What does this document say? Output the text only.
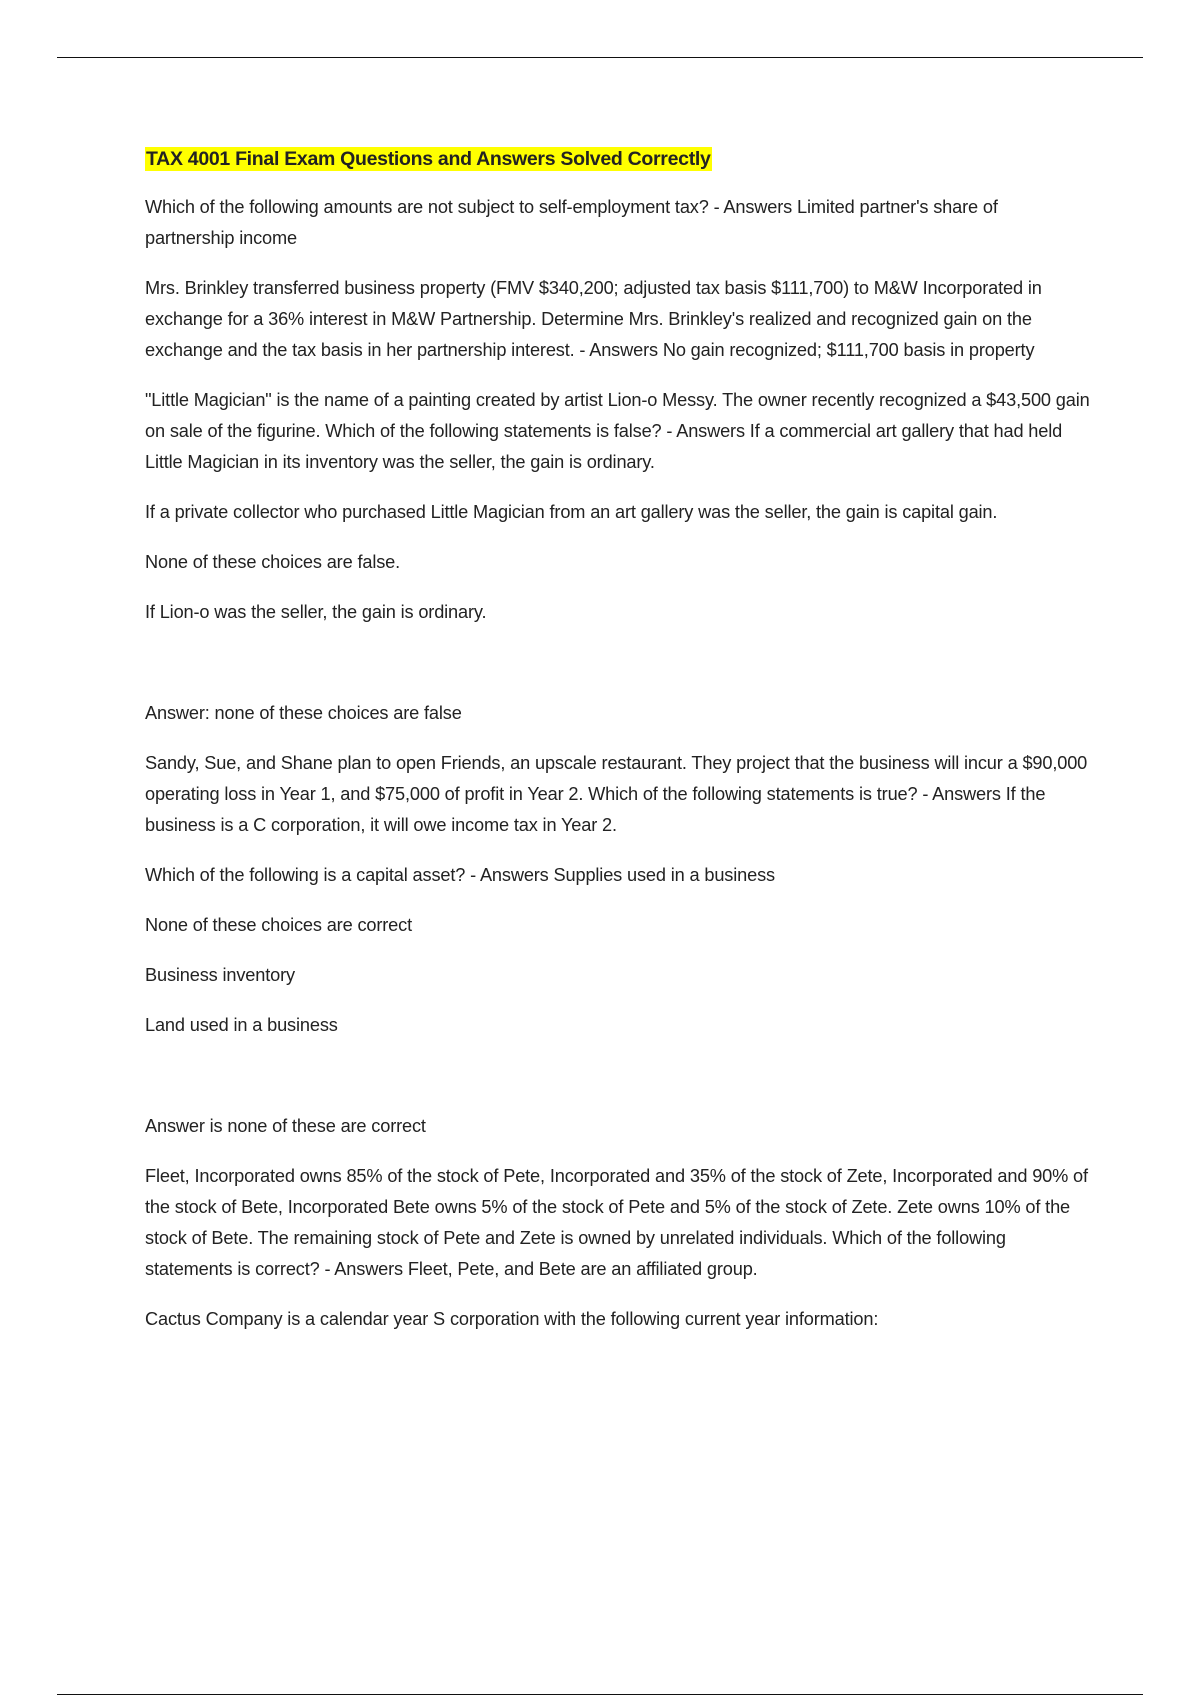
TAX 4001 Final Exam Questions and Answers Solved Correctly

Which of the following amounts are not subject to self-employment tax? - Answers Limited partner's share of partnership income

Mrs. Brinkley transferred business property (FMV $340,200; adjusted tax basis $111,700) to M&W Incorporated in exchange for a 36% interest in M&W Partnership. Determine Mrs. Brinkley's realized and recognized gain on the exchange and the tax basis in her partnership interest. - Answers No gain recognized; $111,700 basis in property

"Little Magician" is the name of a painting created by artist Lion-o Messy. The owner recently recognized a $43,500 gain on sale of the figurine. Which of the following statements is false? - Answers If a commercial art gallery that had held Little Magician in its inventory was the seller, the gain is ordinary.

If a private collector who purchased Little Magician from an art gallery was the seller, the gain is capital gain.

None of these choices are false.

If Lion-o was the seller, the gain is ordinary.

Answer: none of these choices are false

Sandy, Sue, and Shane plan to open Friends, an upscale restaurant. They project that the business will incur a $90,000 operating loss in Year 1, and $75,000 of profit in Year 2. Which of the following statements is true? - Answers If the business is a C corporation, it will owe income tax in Year 2.

Which of the following is a capital asset? - Answers Supplies used in a business

None of these choices are correct

Business inventory

Land used in a business

Answer is none of these are correct

Fleet, Incorporated owns 85% of the stock of Pete, Incorporated and 35% of the stock of Zete, Incorporated and 90% of the stock of Bete, Incorporated Bete owns 5% of the stock of Pete and 5% of the stock of Zete. Zete owns 10% of the stock of Bete. The remaining stock of Pete and Zete is owned by unrelated individuals. Which of the following statements is correct? - Answers Fleet, Pete, and Bete are an affiliated group.

Cactus Company is a calendar year S corporation with the following current year information:
